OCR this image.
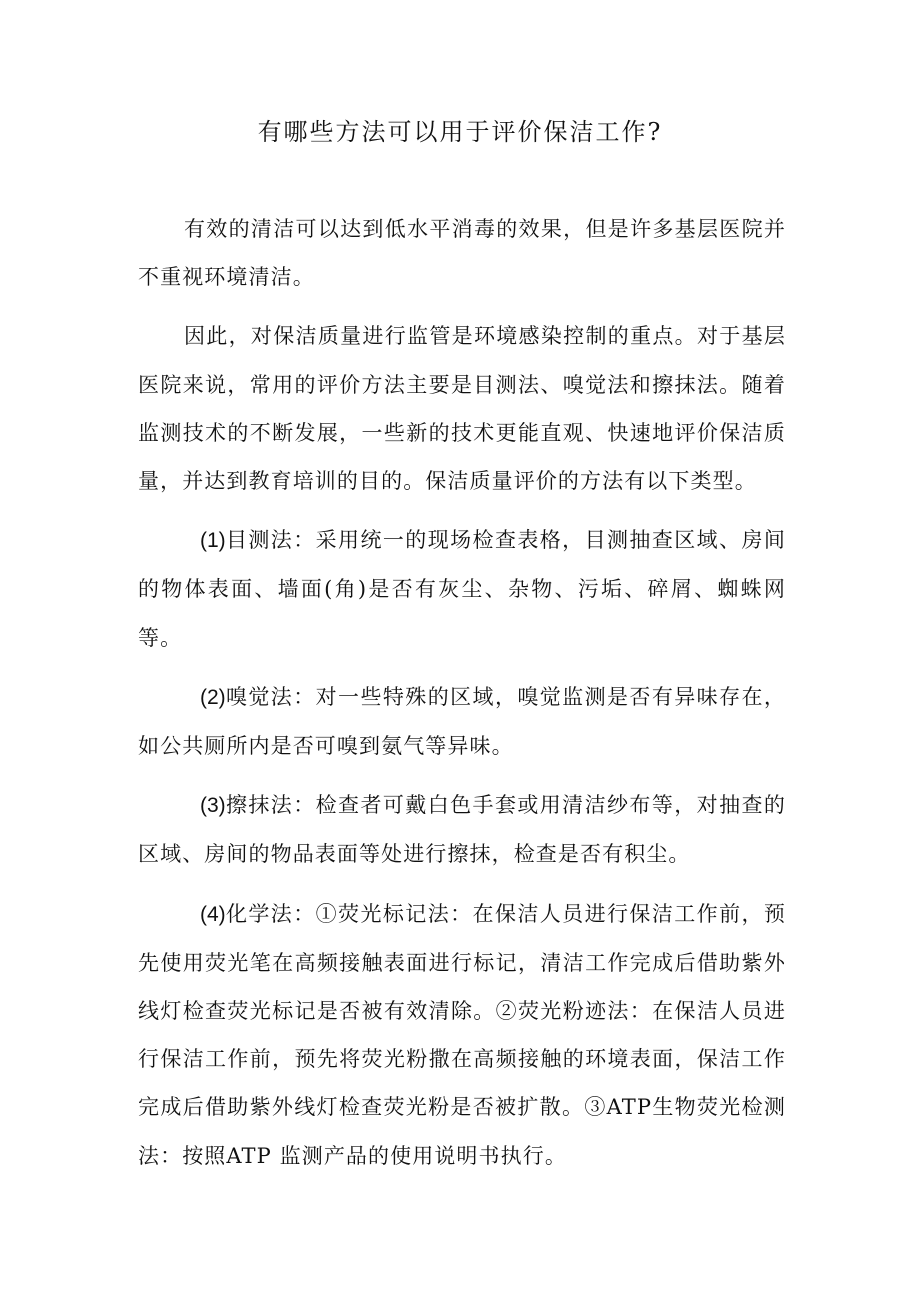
有哪些方法可以用于评价保洁工作?

有效的清洁可以达到低水平消毒的效果，但是许多基层医院并不重视环境清洁。

因此，对保洁质量进行监管是环境感染控制的重点。对于基层医院来说，常用的评价方法主要是目测法、嗅觉法和擦抹法。随着监测技术的不断发展，一些新的技术更能直观、快速地评价保洁质量，并达到教育培训的目的。保洁质量评价的方法有以下类型。

(1)目测法：采用统一的现场检查表格，目测抽查区域、房间的物体表面、墙面(角)是否有灰尘、杂物、污垢、碎屑、蜘蛛网等。

(2)嗅觉法：对一些特殊的区域，嗅觉监测是否有异味存在，如公共厕所内是否可嗅到氨气等异味。

(3)擦抹法：检查者可戴白色手套或用清洁纱布等，对抽查的区域、房间的物品表面等处进行擦抹，检查是否有积尘。

(4)化学法：①荧光标记法：在保洁人员进行保洁工作前，预先使用荧光笔在高频接触表面进行标记，清洁工作完成后借助紫外线灯检查荧光标记是否被有效清除。②荧光粉迹法：在保洁人员进行保洁工作前，预先将荧光粉撒在高频接触的环境表面，保洁工作完成后借助紫外线灯检查荧光粉是否被扩散。③ATP生物荧光检测法：按照ATP 监测产品的使用说明书执行。
